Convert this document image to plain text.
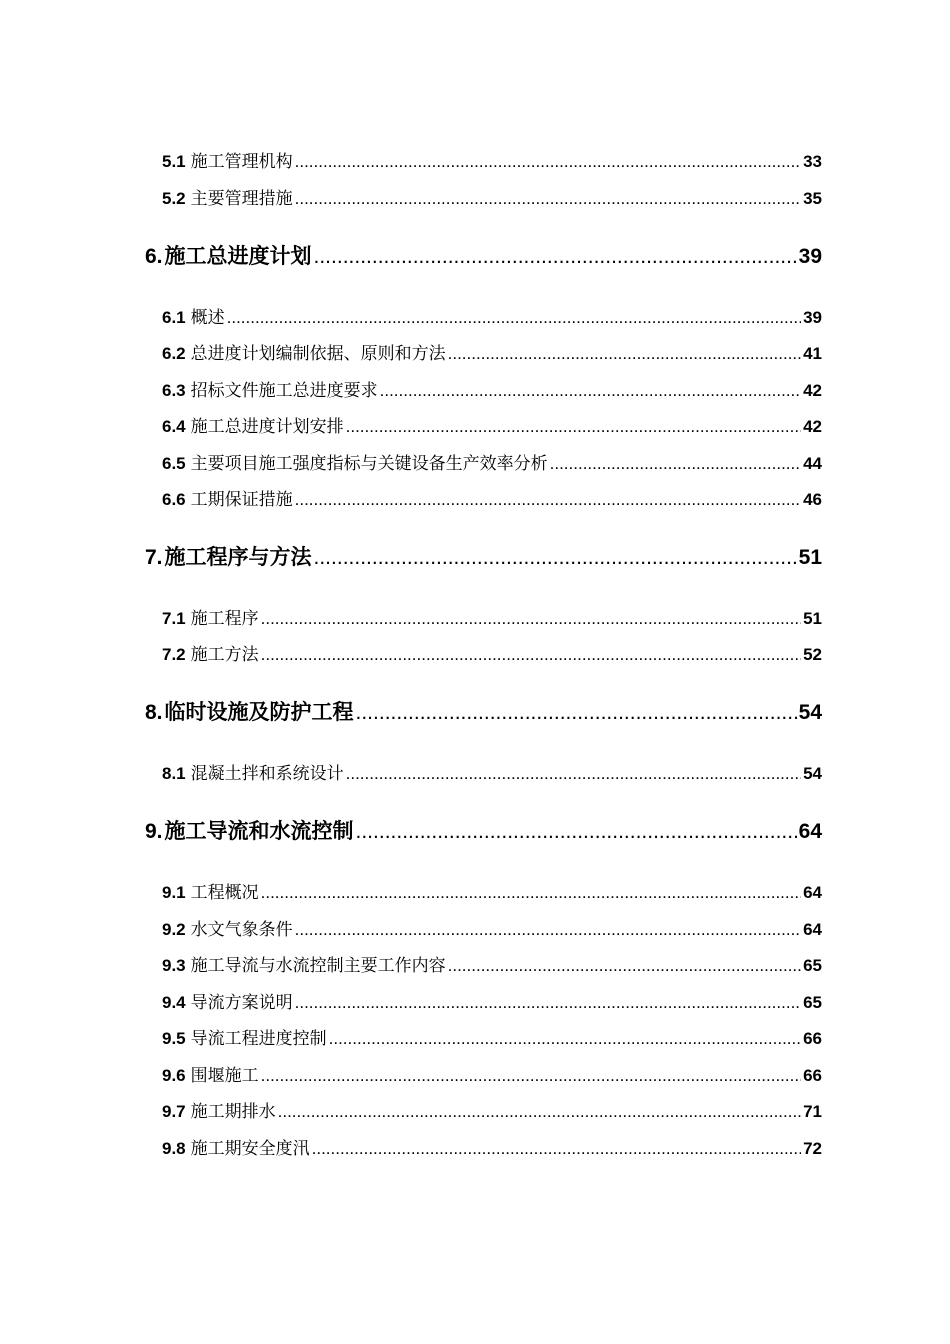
5.1 施工管理机构 .....	33
5.2 主要管理措施 .....	35
6. 施工总进度计划 .....	39
6.1 概述 .....	39
6.2 总进度计划编制依据、原则和方法 .....	41
6.3 招标文件施工总进度要求 .....	42
6.4 施工总进度计划安排 .....	42
6.5 主要项目施工强度指标与关键设备生产效率分析 .....	44
6.6 工期保证措施 .....	46
7. 施工程序与方法 .....	51
7.1 施工程序 .....	51
7.2 施工方法 .....	52
8. 临时设施及防护工程 .....	54
8.1 混凝土拌和系统设计 .....	54
9. 施工导流和水流控制 .....	64
9.1 工程概况 .....	64
9.2 水文气象条件 .....	64
9.3 施工导流与水流控制主要工作内容 .....	65
9.4 导流方案说明 .....	65
9.5 导流工程进度控制 .....	66
9.6 围堰施工 .....	66
9.7 施工期排水 .....	71
9.8 施工期安全度汛 .....	72
